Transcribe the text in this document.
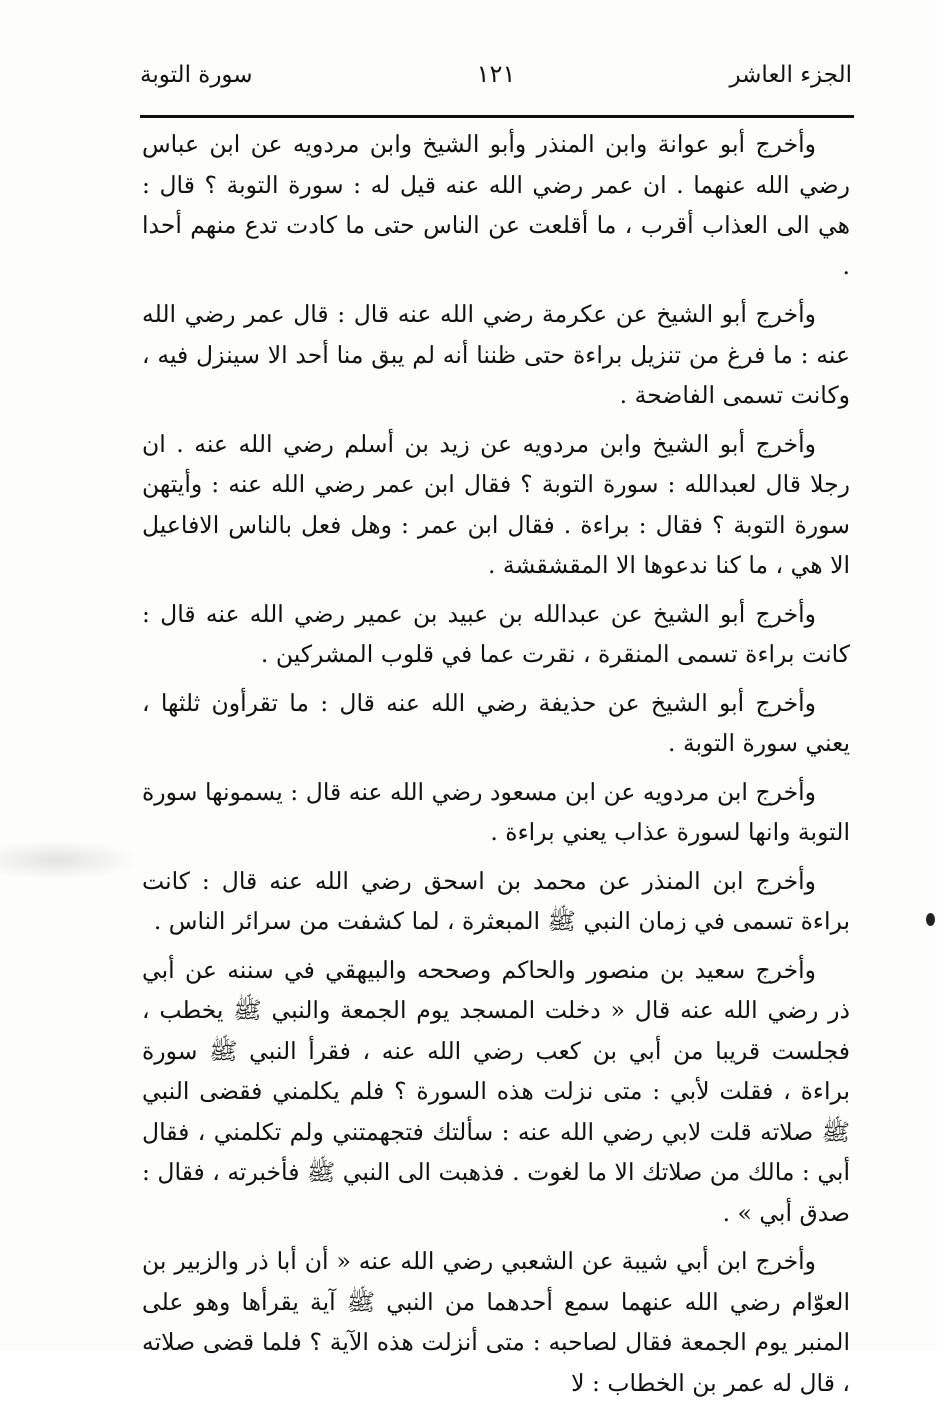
الجزء العاشر
١٢١
سورة التوبة

وأخرج أبو عوانة وابن المنذر وأبو الشيخ وابن مردويه عن ابن عباس رضي الله عنهما . ان عمر رضي الله عنه قيل له : سورة التوبة ؟ قال : هي الى العذاب أقرب ، ما أقلعت عن الناس حتى ما كادت تدع منهم أحدا .

وأخرج أبو الشيخ عن عكرمة رضي الله عنه قال : قال عمر رضي الله عنه : ما فرغ من تنزيل براءة حتى ظننا أنه لم يبق منا أحد الا سينزل فيه ، وكانت تسمى الفاضحة .

وأخرج أبو الشيخ وابن مردويه عن زيد بن أسلم رضي الله عنه . ان رجلا قال لعبدالله : سورة التوبة ؟ فقال ابن عمر رضي الله عنه : وأيتهن سورة التوبة ؟ فقال : براءة . فقال ابن عمر : وهل فعل بالناس الافاعيل الا هي ، ما كنا ندعوها الا المقشقشة .

وأخرج أبو الشيخ عن عبدالله بن عبيد بن عمير رضي الله عنه قال : كانت براءة تسمى المنقرة ، نقرت عما في قلوب المشركين .

وأخرج أبو الشيخ عن حذيفة رضي الله عنه قال : ما تقرأون ثلثها ، يعني سورة التوبة .

وأخرج ابن مردويه عن ابن مسعود رضي الله عنه قال : يسمونها سورة التوبة وانها لسورة عذاب يعني براءة .

وأخرج ابن المنذر عن محمد بن اسحق رضي الله عنه قال : كانت براءة تسمى في زمان النبي ﷺ المبعثرة ، لما كشفت من سرائر الناس .

وأخرج سعيد بن منصور والحاكم وصححه والبيهقي في سننه عن أبي ذر رضي الله عنه قال « دخلت المسجد يوم الجمعة والنبي ﷺ يخطب ، فجلست قريبا من أبي بن كعب رضي الله عنه ، فقرأ النبي ﷺ سورة براءة ، فقلت لأبي : متى نزلت هذه السورة ؟ فلم يكلمني فقضى النبي ﷺ صلاته قلت لابي رضي الله عنه : سألتك فتجهمتني ولم تكلمني ، فقال أبي : مالك من صلاتك الا ما لغوت . فذهبت الى النبي ﷺ فأخبرته ، فقال : صدق أبي » .

وأخرج ابن أبي شيبة عن الشعبي رضي الله عنه « أن أبا ذر والزبير بن العوّام رضي الله عنهما سمع أحدهما من النبي ﷺ آية يقرأها وهو على المنبر يوم الجمعة فقال لصاحبه : متى أنزلت هذه الآية ؟ فلما قضى صلاته ، قال له عمر بن الخطاب : لا
